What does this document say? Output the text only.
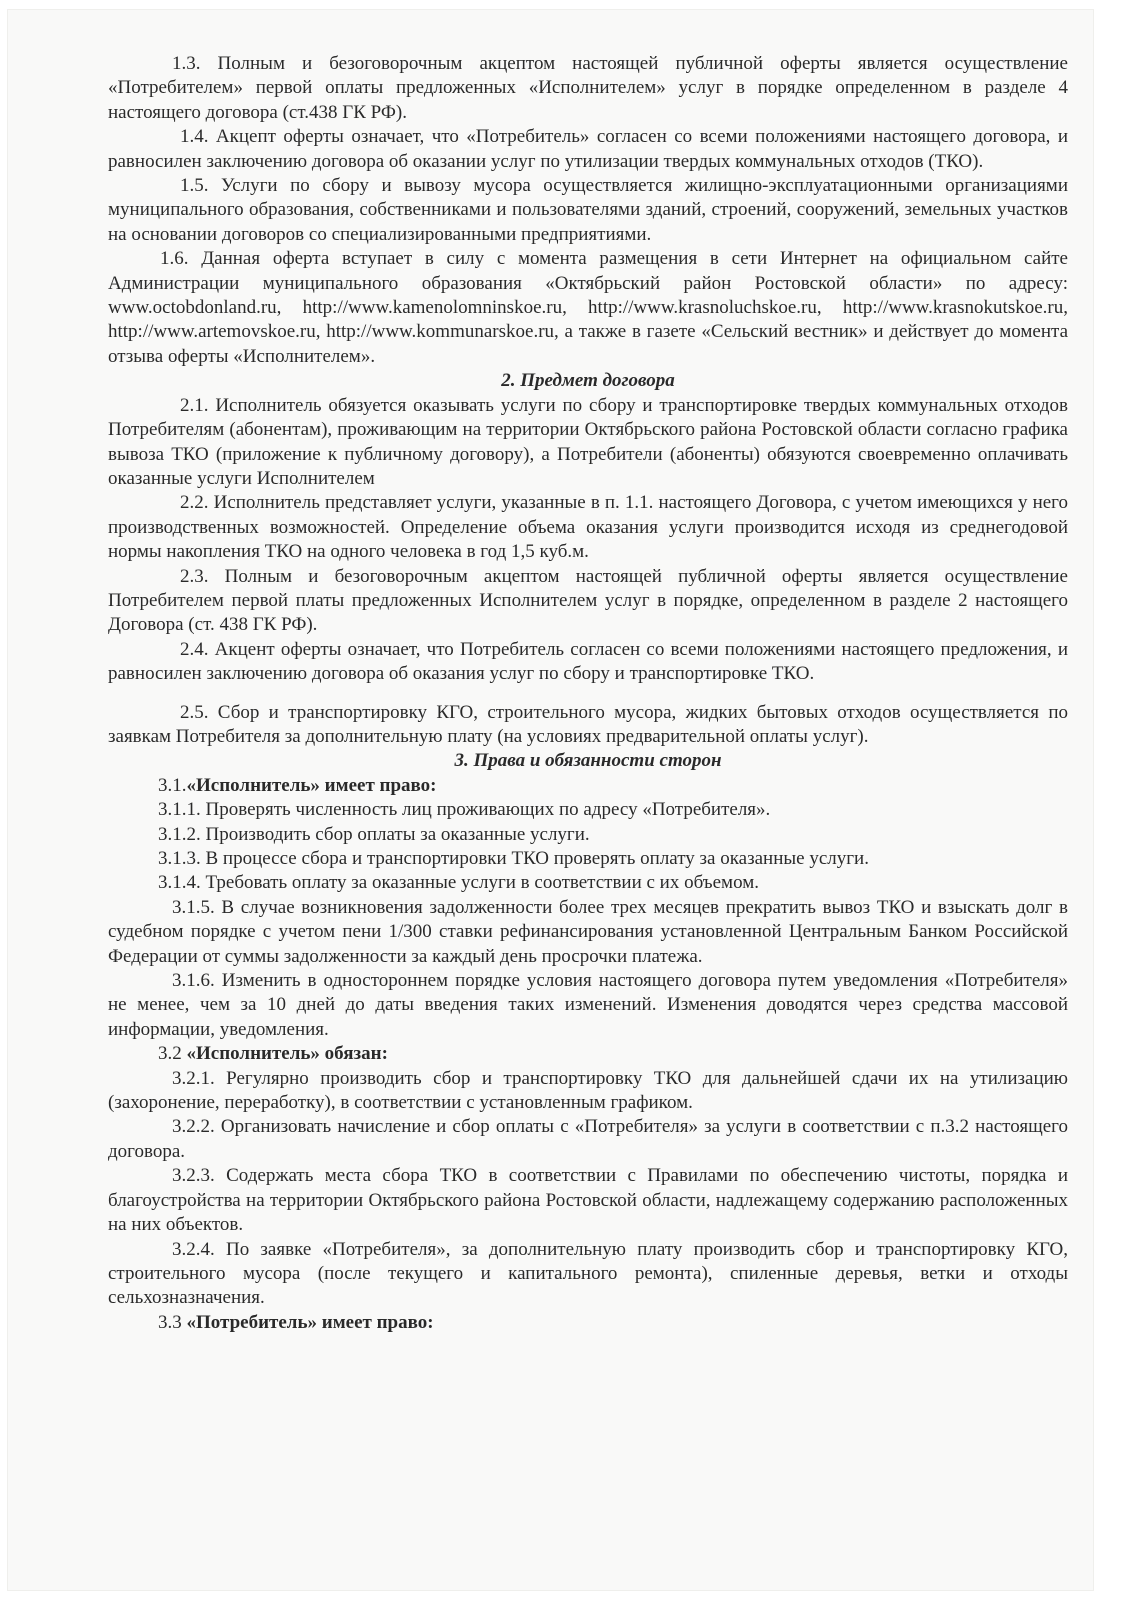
1.3. Полным и безоговорочным акцептом настоящей публичной оферты является осуществление «Потребителем» первой оплаты предложенных «Исполнителем» услуг в порядке определенном в разделе 4 настоящего договора (ст.438 ГК РФ).

1.4. Акцепт оферты означает, что «Потребитель» согласен со всеми положениями настоящего договора, и равносилен заключению договора об оказании услуг по утилизации твердых коммунальных отходов (ТКО).

1.5. Услуги по сбору и вывозу мусора осуществляется жилищно-эксплуатационными организациями муниципального образования, собственниками и пользователями зданий, строений, сооружений, земельных участков на основании договоров со специализированными предприятиями.

1.6. Данная оферта вступает в силу с момента размещения в сети Интернет на официальном сайте Администрации муниципального образования «Октябрьский район Ростовской области» по адресу: www.octobdonland.ru, http://www.kamenolomninskoe.ru, http://www.krasnoluchskoe.ru, http://www.krasnokutskoe.ru, http://www.artemovskoe.ru, http://www.kommunarskoe.ru, а также в газете «Сельский вестник» и действует до момента отзыва оферты «Исполнителем».

2. Предмет договора

2.1. Исполнитель обязуется оказывать услуги по сбору и транспортировке твердых коммунальных отходов Потребителям (абонентам), проживающим на территории Октябрьского района Ростовской области согласно графика вывоза ТКО (приложение к публичному договору), а Потребители (абоненты) обязуются своевременно оплачивать оказанные услуги Исполнителем

2.2. Исполнитель представляет услуги, указанные в п. 1.1. настоящего Договора, с учетом имеющихся у него производственных возможностей. Определение объема оказания услуги производится исходя из среднегодовой нормы накопления ТКО на одного человека в год 1,5 куб.м.

2.3. Полным и безоговорочным акцептом настоящей публичной оферты является осуществление Потребителем первой платы предложенных Исполнителем услуг в порядке, определенном в разделе 2 настоящего Договора (ст. 438 ГК РФ).

2.4. Акцент оферты означает, что Потребитель согласен со всеми положениями настоящего предложения, и равносилен заключению договора об оказания услуг по сбору и транспортировке ТКО.

2.5. Сбор и транспортировку КГО, строительного мусора, жидких бытовых отходов осуществляется по заявкам Потребителя за дополнительную плату (на условиях предварительной оплаты услуг).

3. Права и обязанности сторон

3.1.«Исполнитель» имеет право:

3.1.1. Проверять численность лиц проживающих по адресу «Потребителя».

3.1.2. Производить сбор оплаты за оказанные услуги.

3.1.3. В процессе сбора и транспортировки ТКО проверять оплату за оказанные услуги.

3.1.4. Требовать оплату за оказанные услуги в соответствии с их объемом.

3.1.5. В случае возникновения задолженности более трех месяцев прекратить вывоз ТКО и взыскать долг в судебном порядке с учетом пени 1/300 ставки рефинансирования установленной Центральным Банком Российской Федерации от суммы задолженности за каждый день просрочки платежа.

3.1.6. Изменить в одностороннем порядке условия настоящего договора путем уведомления «Потребителя» не менее, чем за 10 дней до даты введения таких изменений. Изменения доводятся через средства массовой информации, уведомления.

3.2 «Исполнитель» обязан:

3.2.1. Регулярно производить сбор и транспортировку ТКО для дальнейшей сдачи их на утилизацию (захоронение, переработку), в соответствии с установленным графиком.

3.2.2. Организовать начисление и сбор оплаты с «Потребителя» за услуги в соответствии с п.3.2 настоящего договора.

3.2.3. Содержать места сбора ТКО в соответствии с Правилами по обеспечению чистоты, порядка и благоустройства на территории Октябрьского района Ростовской области, надлежащему содержанию расположенных на них объектов.

3.2.4. По заявке «Потребителя», за дополнительную плату производить сбор и транспортировку КГО, строительного мусора (после текущего и капитального ремонта), спиленные деревья, ветки и отходы сельхозназначения.

3.3 «Потребитель» имеет право:
